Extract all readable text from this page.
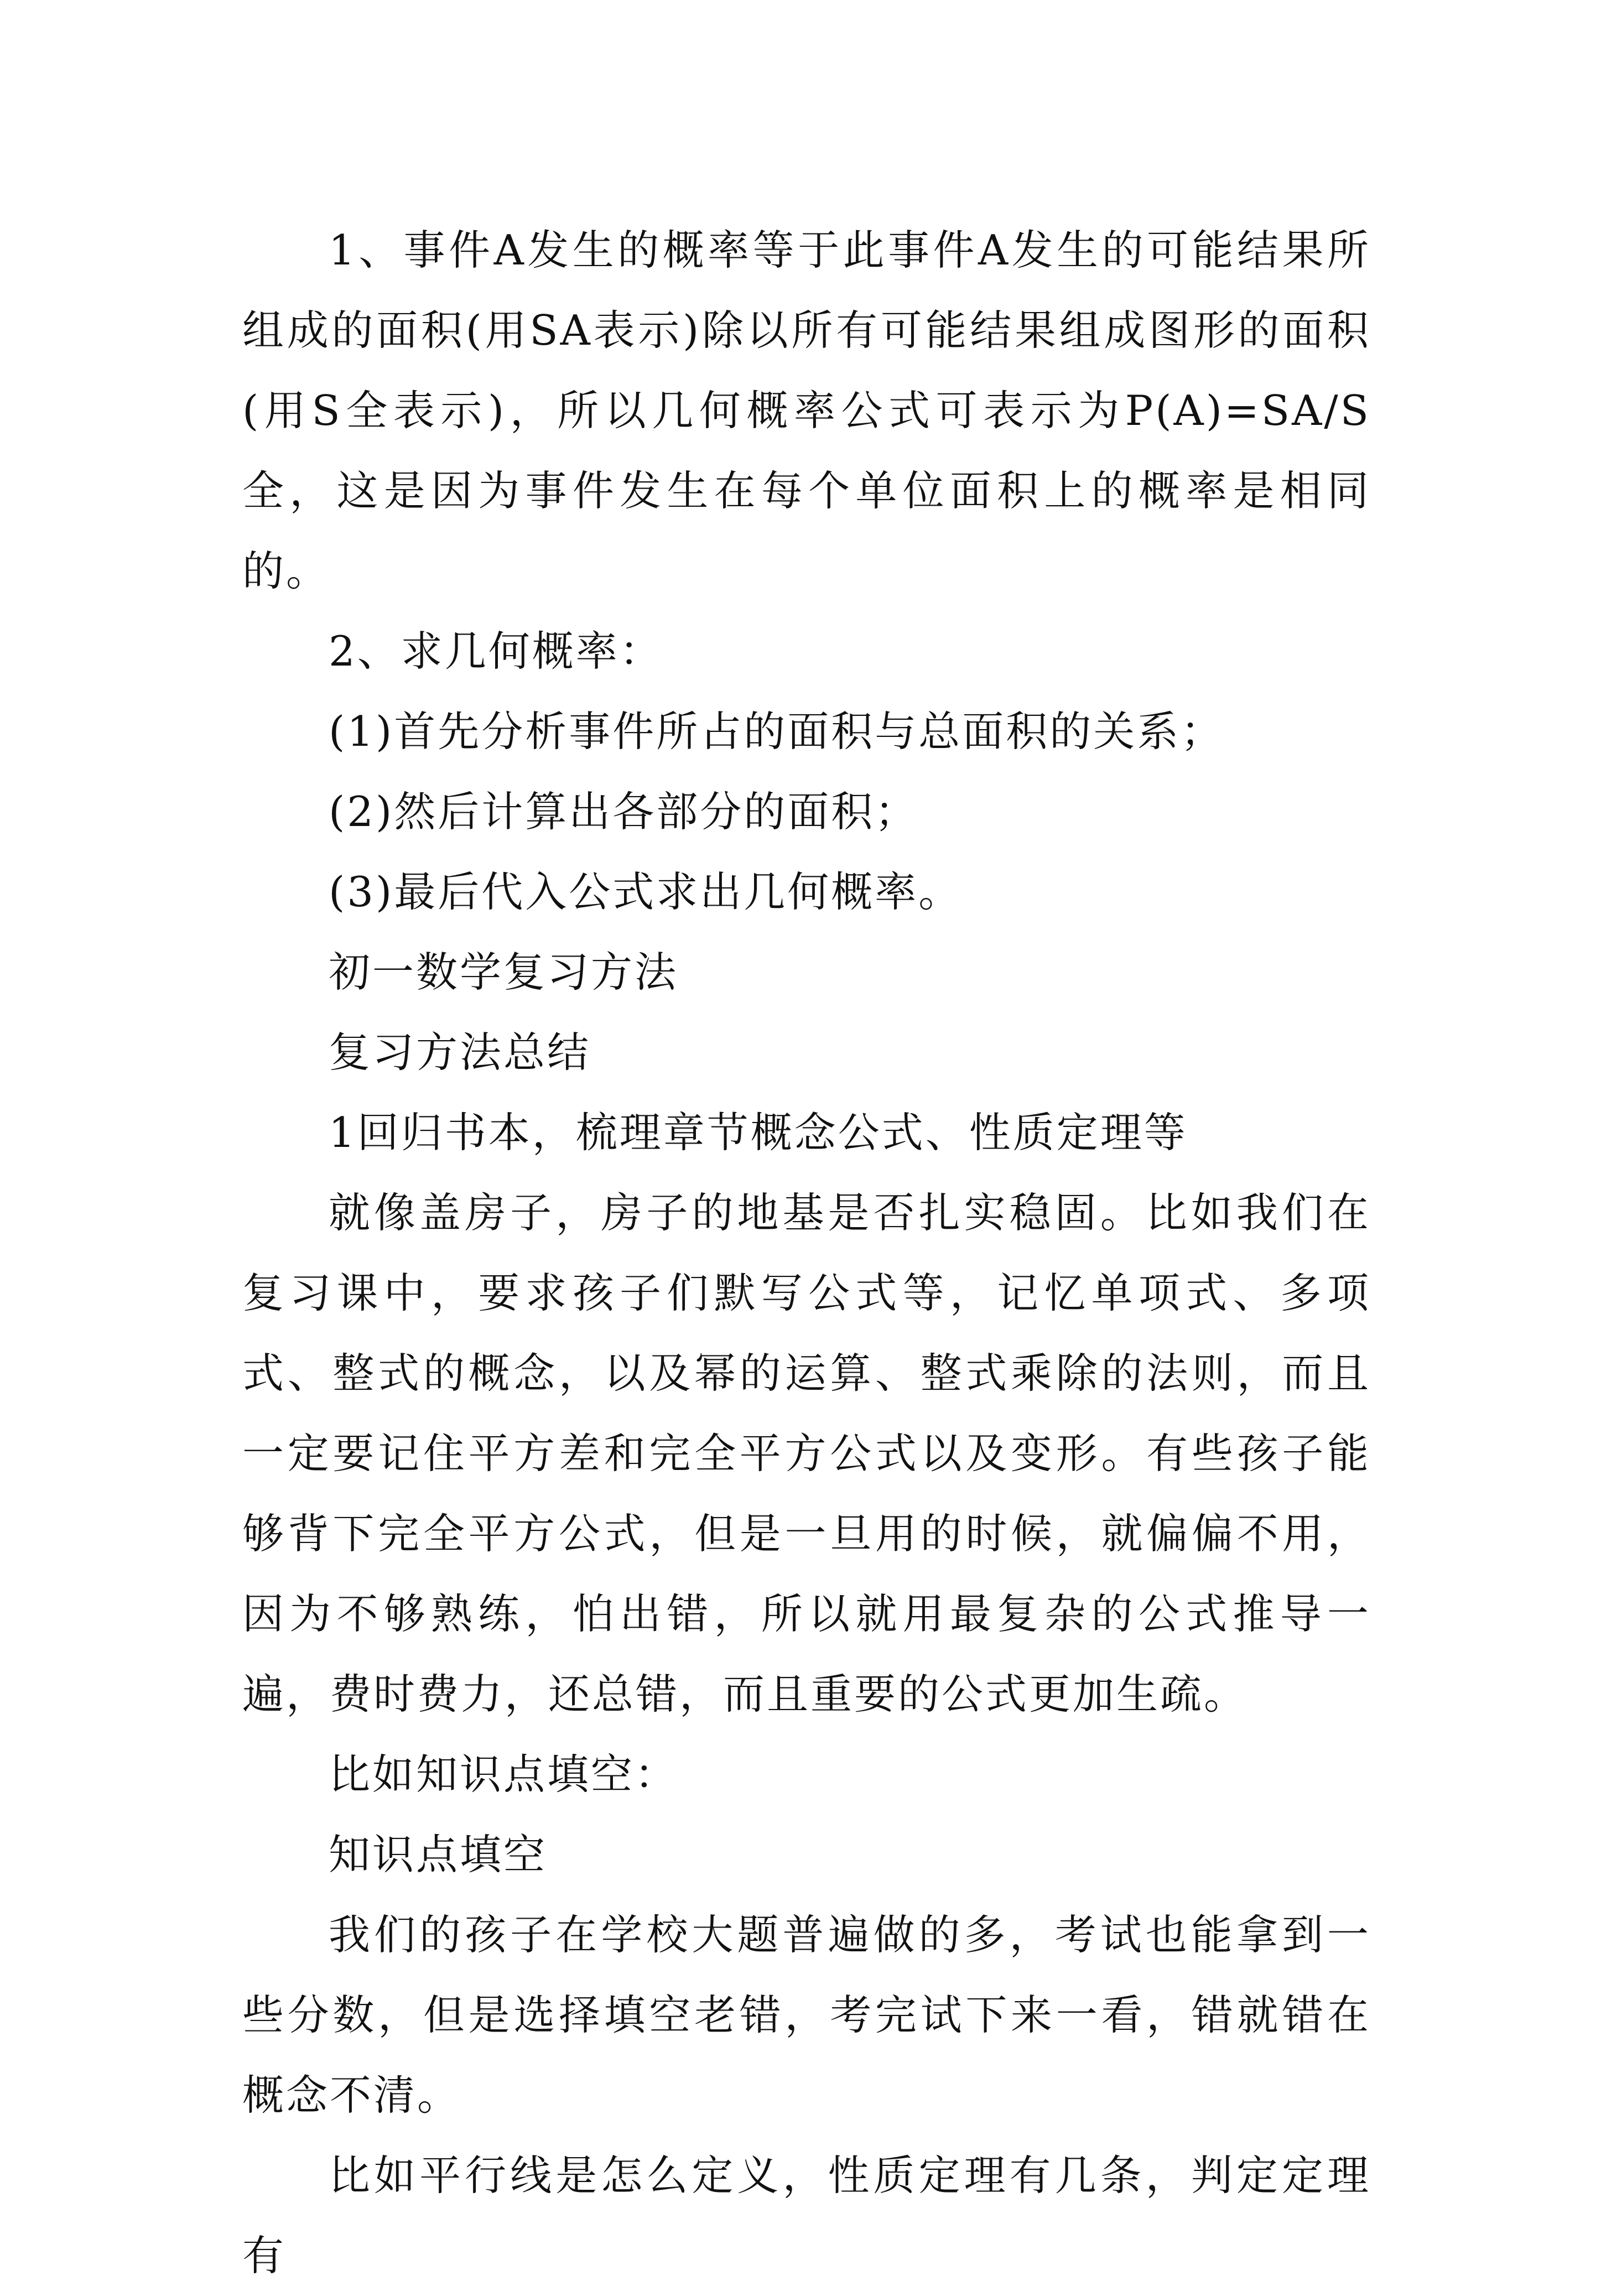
1、事件A发生的概率等于此事件A发生的可能结果所组成的面积(用SA表示)除以所有可能结果组成图形的面积(用S全表示)，所以几何概率公式可表示为P(A)=SA/S全，这是因为事件发生在每个单位面积上的概率是相同的。

2、求几何概率：

(1)首先分析事件所占的面积与总面积的关系；

(2)然后计算出各部分的面积；

(3)最后代入公式求出几何概率。

初一数学复习方法

复习方法总结

1回归书本，梳理章节概念公式、性质定理等

就像盖房子，房子的地基是否扎实稳固。比如我们在复习课中，要求孩子们默写公式等，记忆单项式、多项式、整式的概念，以及幂的运算、整式乘除的法则，而且一定要记住平方差和完全平方公式以及变形。有些孩子能够背下完全平方公式，但是一旦用的时候，就偏偏不用，因为不够熟练，怕出错，所以就用最复杂的公式推导一遍，费时费力，还总错，而且重要的公式更加生疏。

比如知识点填空：

知识点填空

我们的孩子在学校大题普遍做的多，考试也能拿到一些分数，但是选择填空老错，考完试下来一看，错就错在概念不清。

比如平行线是怎么定义，性质定理有几条，判定定理有
